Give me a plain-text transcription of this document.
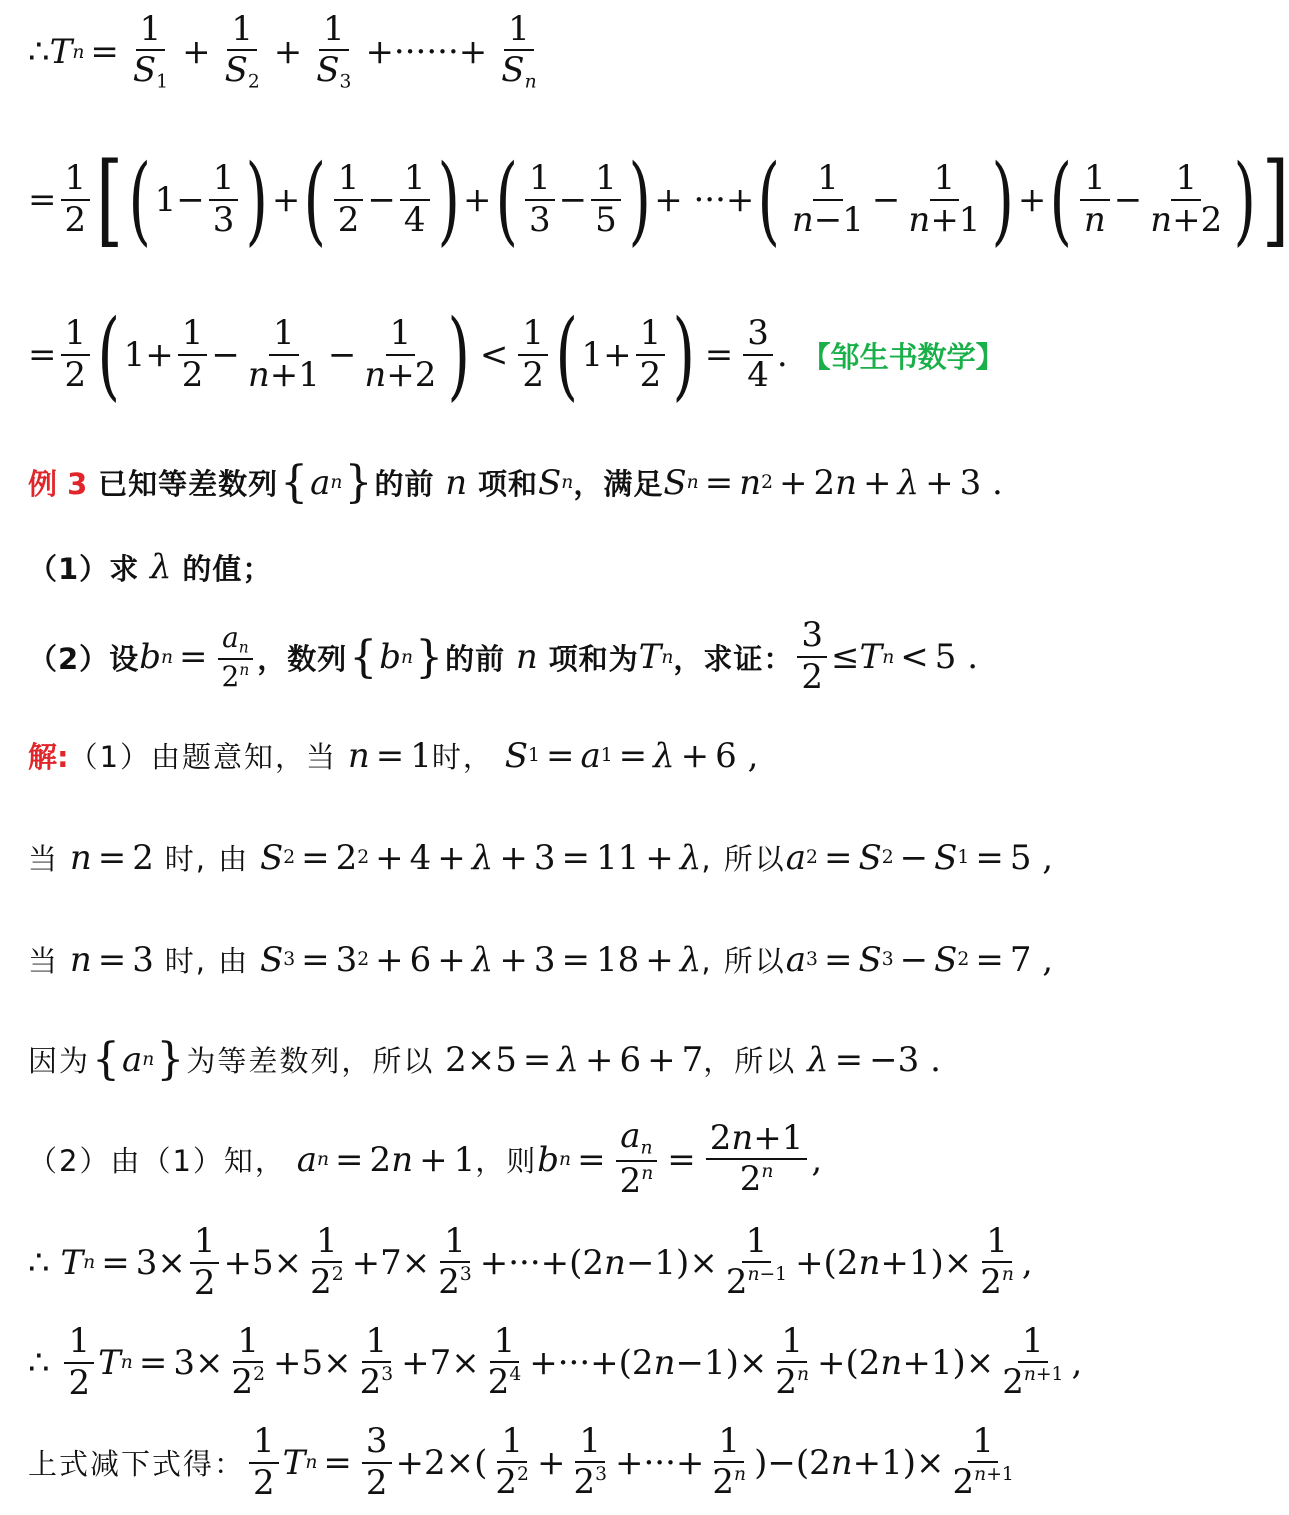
∴ T $n = \frac{1}{S_1} + \frac{1}{S_2} + \frac{1}{S_3}$ +······+ $\frac{1}{S_n}$
= $\frac{1}{2}$ [ ( $1- \frac{1}{3}$ ) + ( $\frac{1}{2} - \frac{1}{4}$ ) + ( $\frac{1}{3} - \frac{1}{5}$ ) + ···+ ( $\frac{1}{n-1} - \frac{1}{n+1}$ ) + ( $\frac{1}{n} - \frac{1}{n+2}$ ) ]
= $\frac{1}{2}$ ( $1+ \frac{1}{2} - \frac{1}{n+1} - \frac{1}{n+2}$ ) < $\frac{1}{2}$ ( $1+ \frac{1}{2}$ ) = $\frac{3}{4}$ . 【邹生书数学】
例 3
已知等差数列 { a n } 的前
n
项和 S n ，满足 S n = n 2 + 2 n + λ + 3 .
（1） 求
λ
的值；
（2） 设 b $n = \frac{a_n}{2^n}$ ，数列 { b n } 的前
n
项和为 T n ，求证： $\frac{3}{2} \le T$ n < 5 .
解: （1）由题意知，当
n = 1 时，
S 1 = a 1 = λ + 6 ,
当
n = 2 时, 由
S 2 = 2 2 + 4 + λ + 3 = 11 + λ , 所以 a 2 = S 2 − S 1 = 5 ,
当
n = 3 时, 由
S 3 = 3 2 + 6 + λ + 3 = 18 + λ , 所以 a 3 = S 3 − S 2 = 7 ,
因为 { a n } 为等差数列，所以 2×5 = λ + 6 + 7 ，所以
λ = −3 .
（2）由（1）知，
a n = 2 n + 1 ，则 b $n = \frac{a_n}{2^n} = \frac{2n+1}{2^n}$ ,
∴
T $n = 3\times \frac{1}{2} +5\times \frac{1}{2^2} +7\times \frac{1}{2^3} +\cdot\cdot\cdot+(2$ $n -1)\times \frac{1}{2^{n-1}} +(2$ $n +1)\times \frac{1}{2^n}$ ,
∴
$\frac{1}{2}$ T $n = 3\times \frac{1}{2^2} +5\times \frac{1}{2^3} +7\times \frac{1}{2^4} +\cdot\cdot\cdot+(2$ $n -1)\times \frac{1}{2^n} +(2$ $n +1)\times \frac{1}{2^{n+1}}$ ,
上式减下式得： $\frac{1}{2}$ T $n = \frac{3}{2} +2\times( \frac{1}{2^2} + \frac{1}{2^3}$ +···+ $\frac{1}{2^n} )-(2$ $n +1)\times \frac{1}{2^{n+1}}$
